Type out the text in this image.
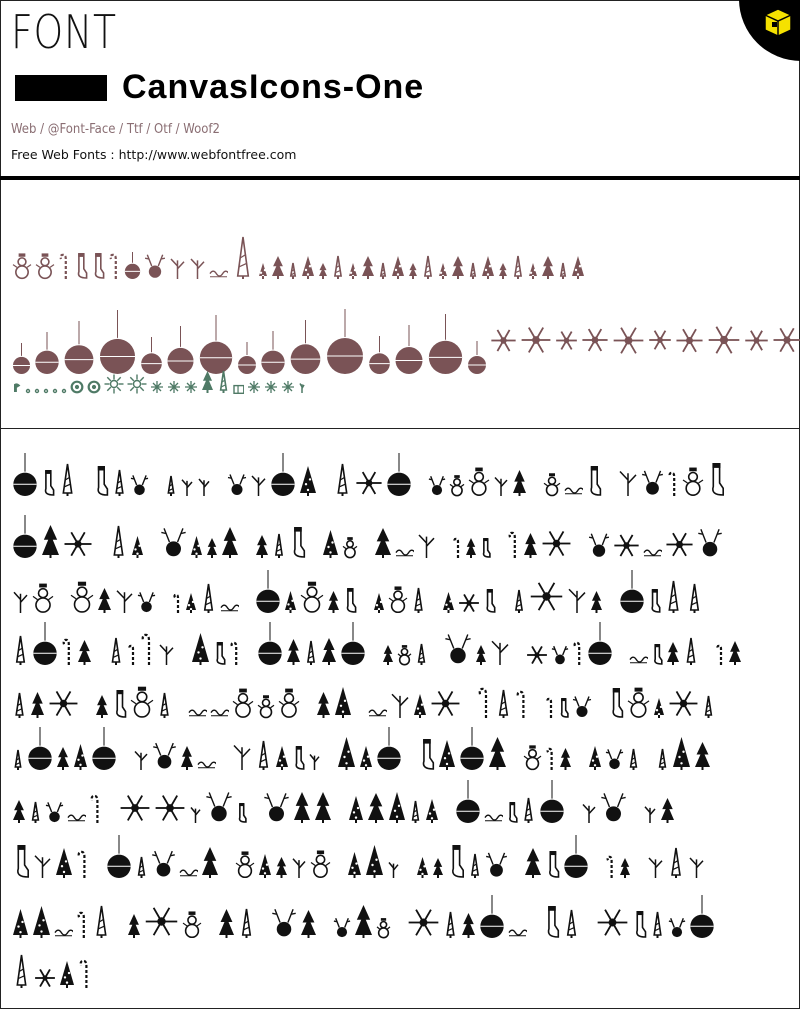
FONT
CanvasIcons-One
Web / @Font-Face / Ttf / Otf / Woof2
Free Web Fonts : http://www.webfontfree.com
